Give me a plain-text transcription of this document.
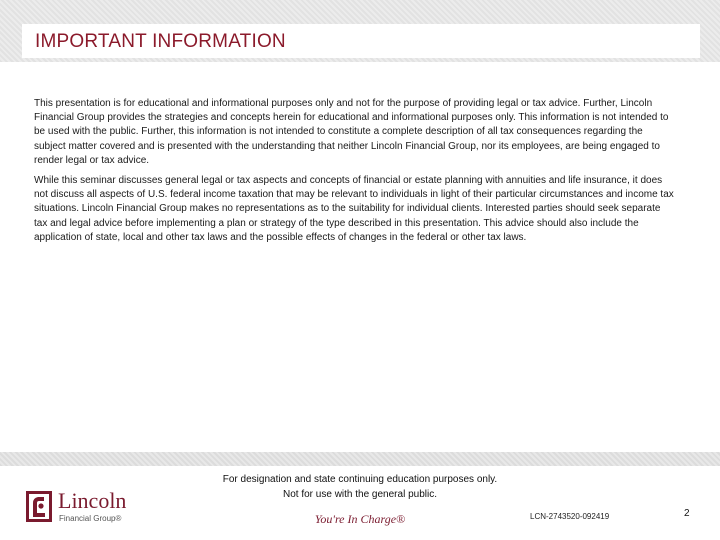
IMPORTANT INFORMATION

This presentation is for educational and informational purposes only and not for the purpose of providing legal or tax advice. Further, Lincoln Financial Group provides the strategies and concepts herein for educational and informational purposes only. This information is not intended to be used with the public. Further, this information is not intended to constitute a complete description of all tax consequences regarding the subject matter covered and is presented with the understanding that neither Lincoln Financial Group, nor its employees, are being engaged to render legal or tax advice.

While this seminar discusses general legal or tax aspects and concepts of financial or estate planning with annuities and life insurance, it does not discuss all aspects of U.S. federal income taxation that may be relevant to individuals in light of their particular circumstances and income tax situations. Lincoln Financial Group makes no representations as to the suitability for individual clients. Interested parties should seek separate tax and legal advice before implementing a plan or strategy of the type described in this presentation. This advice should also include the application of state, local and other tax laws and the possible effects of changes in the federal or other tax laws.

For designation and state continuing education purposes only.
Not for use with the general public.
Lincoln
Financial Group®	You're In Charge®	LCN-2743520-092419	2
